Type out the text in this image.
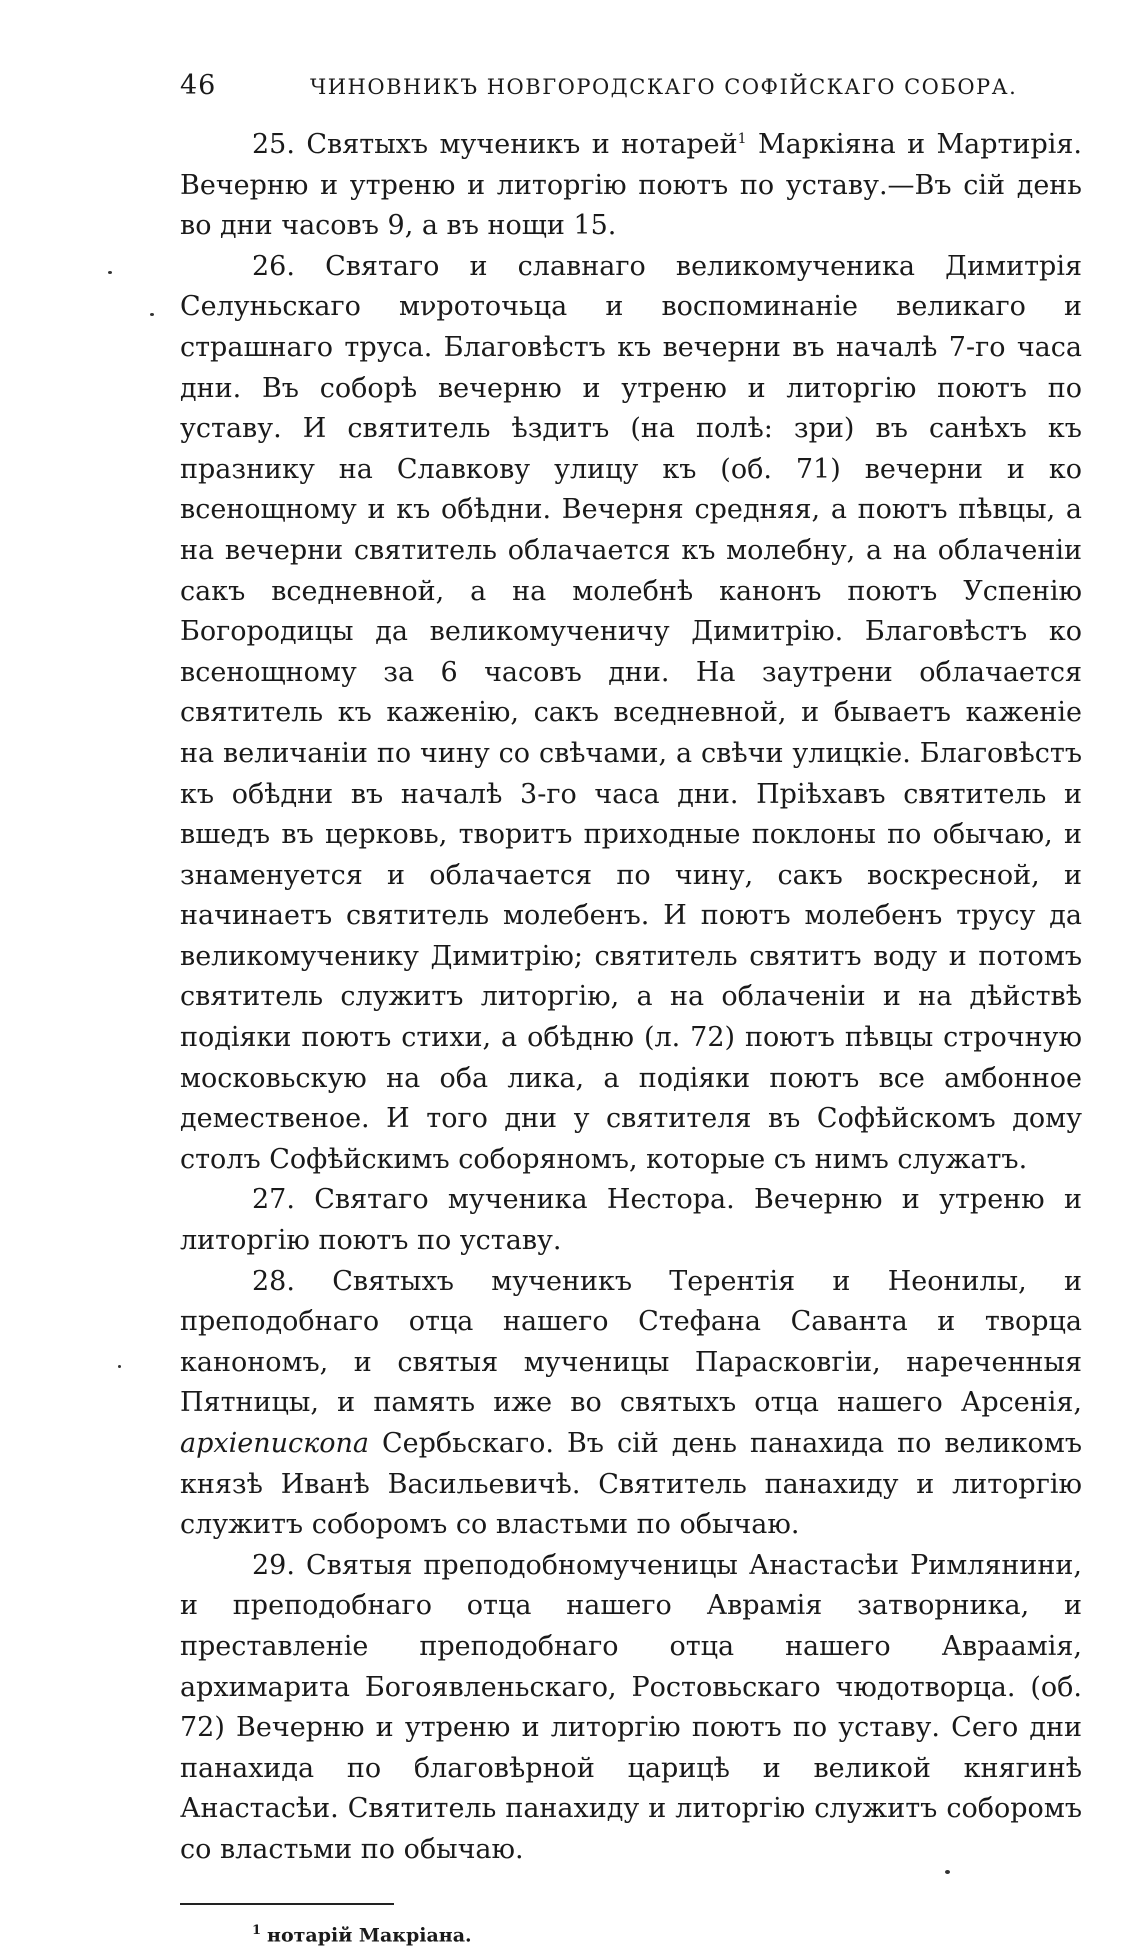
46	ЧИНОВНИКЪ НОВГОРОДСКАГО СОФІЙСКАГО СОБОРА.

25. Святыхъ мученикъ и нотарей$^1$ Маркіяна и Мартирія. Вечерню и утреню и литоргію поютъ по уставу.—Въ сій день во дни часовъ 9, а въ нощи 15.

26. Святаго и славнаго великомученика Димитрія Селуньскаго мνроточьца и воспоминаніе великаго и страшнаго труса. Благовѣстъ къ вечерни въ началѣ 7-го часа дни. Въ соборѣ вечерню и утреню и литоргію поютъ по уставу. И святитель ѣздитъ (на полѣ: зри) въ санѣхъ къ празнику на Славкову улицу къ (об. 71) вечерни и ко всенощному и къ обѣдни. Вечерня средняя, а поютъ пѣвцы, а на вечерни святитель облачается къ молебну, а на облаченіи сакъ вседневной, а на молебнѣ канонъ поютъ Успенію Богородицы да великомученичу Димитрію. Благовѣстъ ко всенощному за 6 часовъ дни. На заутрени облачается святитель къ каженію, сакъ вседневной, и бываетъ каженіе на величаніи по чину со свѣчами, а свѣчи улицкіе. Благовѣстъ къ обѣдни въ началѣ 3-го часа дни. Пріѣхавъ святитель и вшедъ въ церковь, творитъ приходные поклоны по обычаю, и знаменуется и облачается по чину, сакъ воскресной, и начинаетъ святитель молебенъ. И поютъ молебенъ трусу да великомученику Димитрію; святитель святитъ воду и потомъ святитель служитъ литоргію, а на облаченіи и на дѣйствѣ подіяки поютъ стихи, а обѣдню (л. 72) поютъ пѣвцы строчную московьскую на оба лика, а подіяки поютъ все амбонное демественое. И того дни у святителя въ Софѣйскомъ дому столъ Софѣйскимъ соборяномъ, которые съ нимъ служатъ.

27. Святаго мученика Нестора. Вечерню и утреню и литоргію поютъ по уставу.

28. Святыхъ мученикъ Терентія и Неонилы, и преподобнаго отца нашего Стефана Саванта и творца канономъ, и святыя мученицы Парасковгіи, нареченныя Пятницы, и память иже во святыхъ отца нашего Арсенія, архіепископа Сербьскаго. Въ сій день панахида по великомъ князѣ Иванѣ Васильевичѣ. Святитель панахиду и литоргію служитъ соборомъ со властьми по обычаю.

29. Святыя преподобномученицы Анастасѣи Римлянини, и преподобнаго отца нашего Аврамія затворника, и преставленіе преподобнаго отца нашего Авраамія, архимарита Богоявленьскаго, Ростовьскаго чюдотворца. (об. 72) Вечерню и утреню и литоргію поютъ по уставу. Сего дни панахида по благовѣрной царицѣ и великой княгинѣ Анастасѣи. Святитель панахиду и литоргію служитъ соборомъ со властьми по обычаю.

$^1$ нотарій Макріана.
